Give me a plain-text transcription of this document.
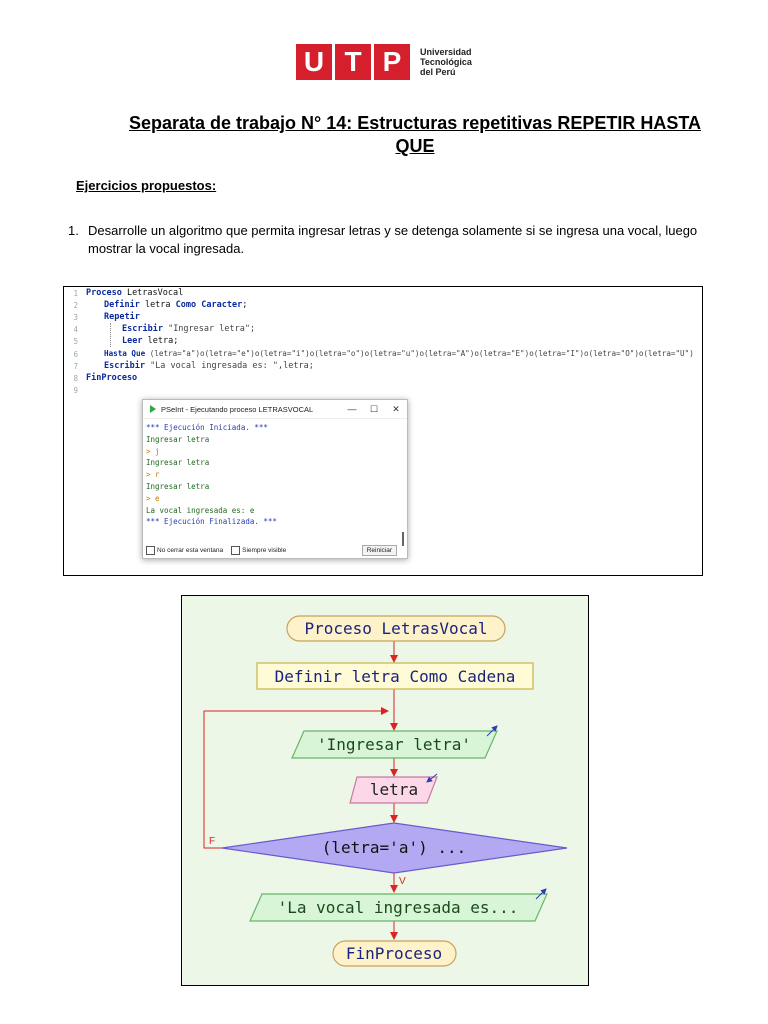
U T P	Universidad
Tecnológica
del Perú
Separata de trabajo N° 14: Estructuras repetitivas REPETIR HASTA
QUE
Ejercicios propuestos:
1. Desarrolle un algoritmo que permita ingresar letras y se detenga solamente si se ingresa una vocal, luego mostrar la vocal ingresada.
1
2
3
4
5
6
7
8
9
Proceso LetrasVocal
Definir letra Como Caracter;
Repetir
Escribir "Ingresar letra";
Leer letra;
Hasta Que (letra="a")o(letra="e")o(letra="i")o(letra="o")o(letra="u")o(letra="A")o(letra="E")o(letra="I")o(letra="O")o(letra="U")
Escribir "La vocal ingresada es: ",letra;
FinProceso
PSeInt - Ejecutando proceso LETRASVOCAL	—	☐	✕
*** Ejecución Iniciada. ***
Ingresar letra
> j
Ingresar letra
> r
Ingresar letra
> e
La vocal ingresada es: e
*** Ejecución Finalizada. ***
No cerrar esta ventana	Siempre visible	Reiniciar
Proceso LetrasVocal
Definir letra Como Cadena
'Ingresar letra'
letra
(letra='a') ...
F
V
'La vocal ingresada es...
FinProceso
